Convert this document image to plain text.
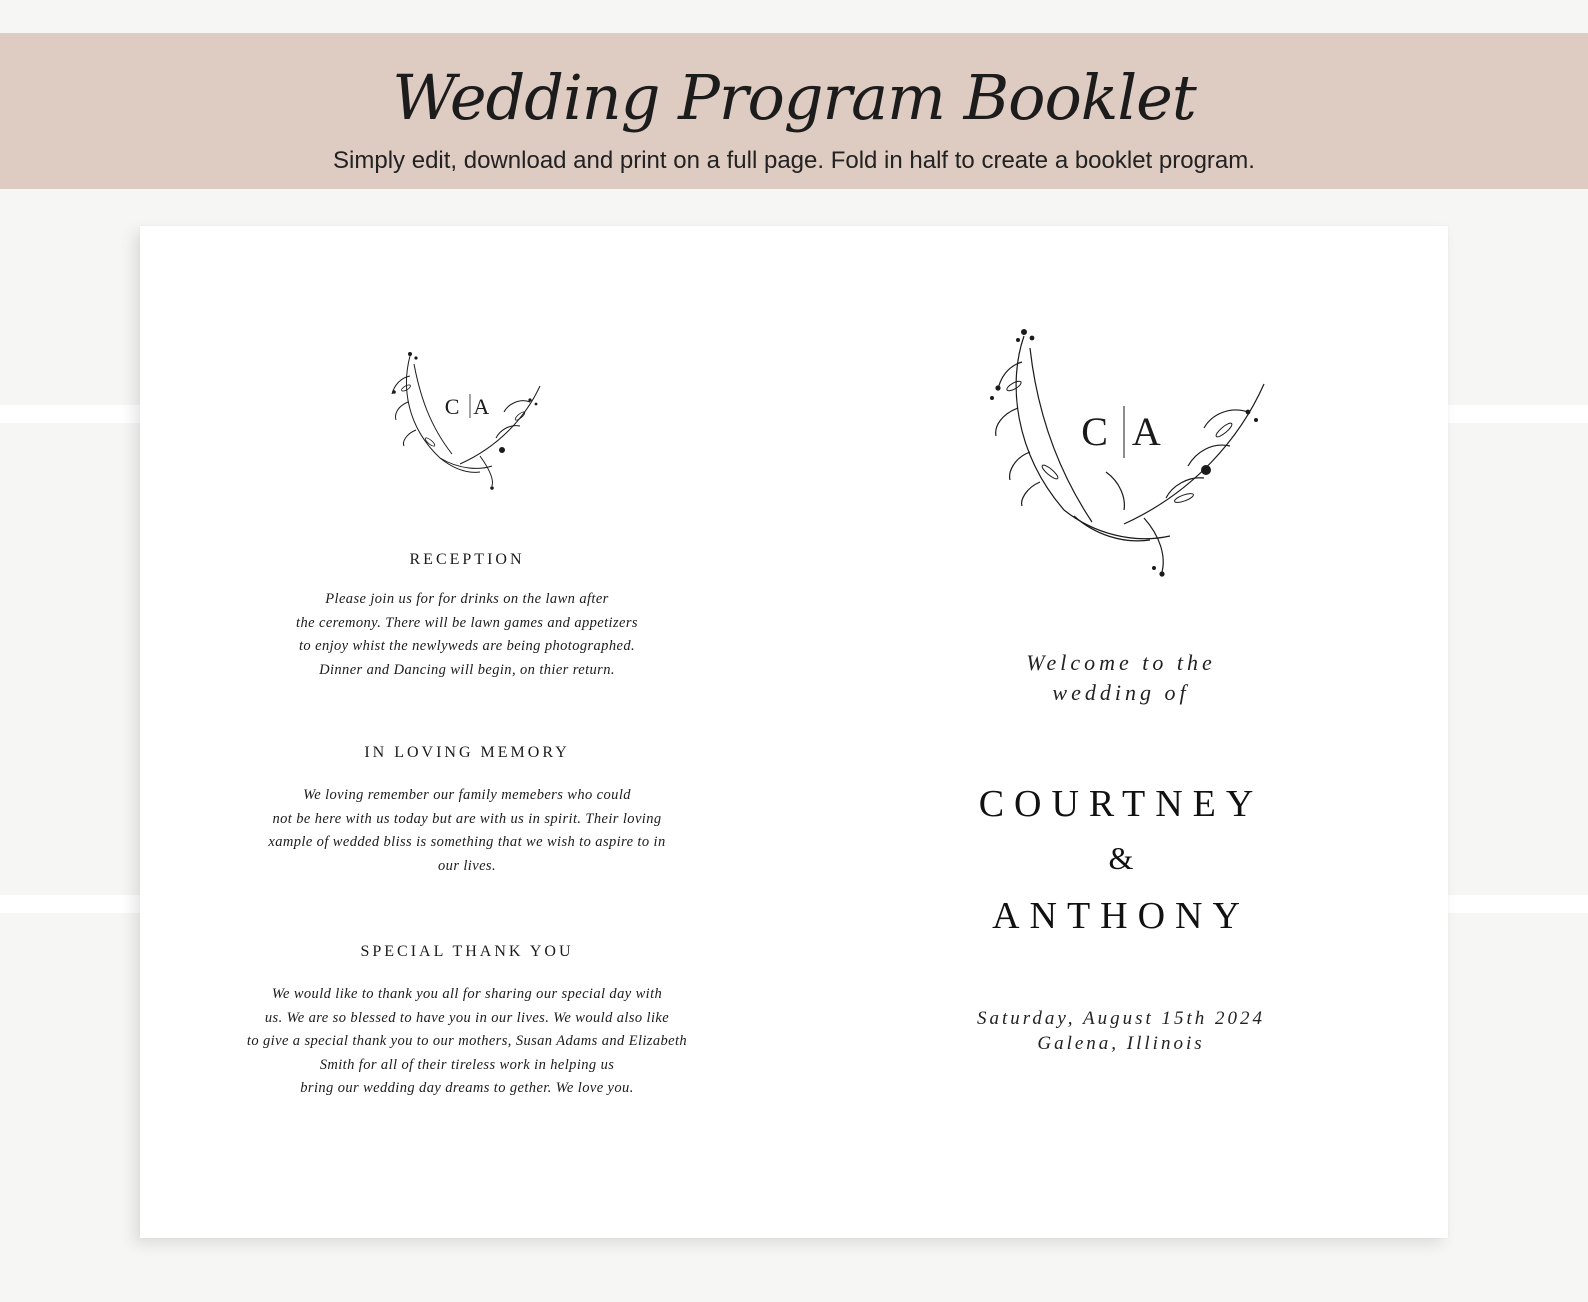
Wedding Program Booklet
Simply edit, download and print on a full page. Fold in half to create a booklet program.
C A
RECEPTION
Please join us for for drinks on the lawn after
the ceremony. There will be lawn games and appetizers
to enjoy whist the newlyweds are being photographed.
Dinner and Dancing will begin, on thier return.
IN LOVING MEMORY
We loving remember our family memebers who could
not be here with us today but are with us in spirit. Their loving
xample of wedded bliss is something that we wish to aspire to in
our lives.
SPECIAL THANK YOU
We would like to thank you all for sharing our special day with
us. We are so blessed to have you in our lives. We would also like
to give a special thank you to our mothers, Susan Adams and Elizabeth
Smith for all of their tireless work in helping us
bring our wedding day dreams to gether. We love you.
C A
Welcome to the
wedding of
COURTNEY
&
ANTHONY
Saturday, August 15th 2024
Galena, Illinois
